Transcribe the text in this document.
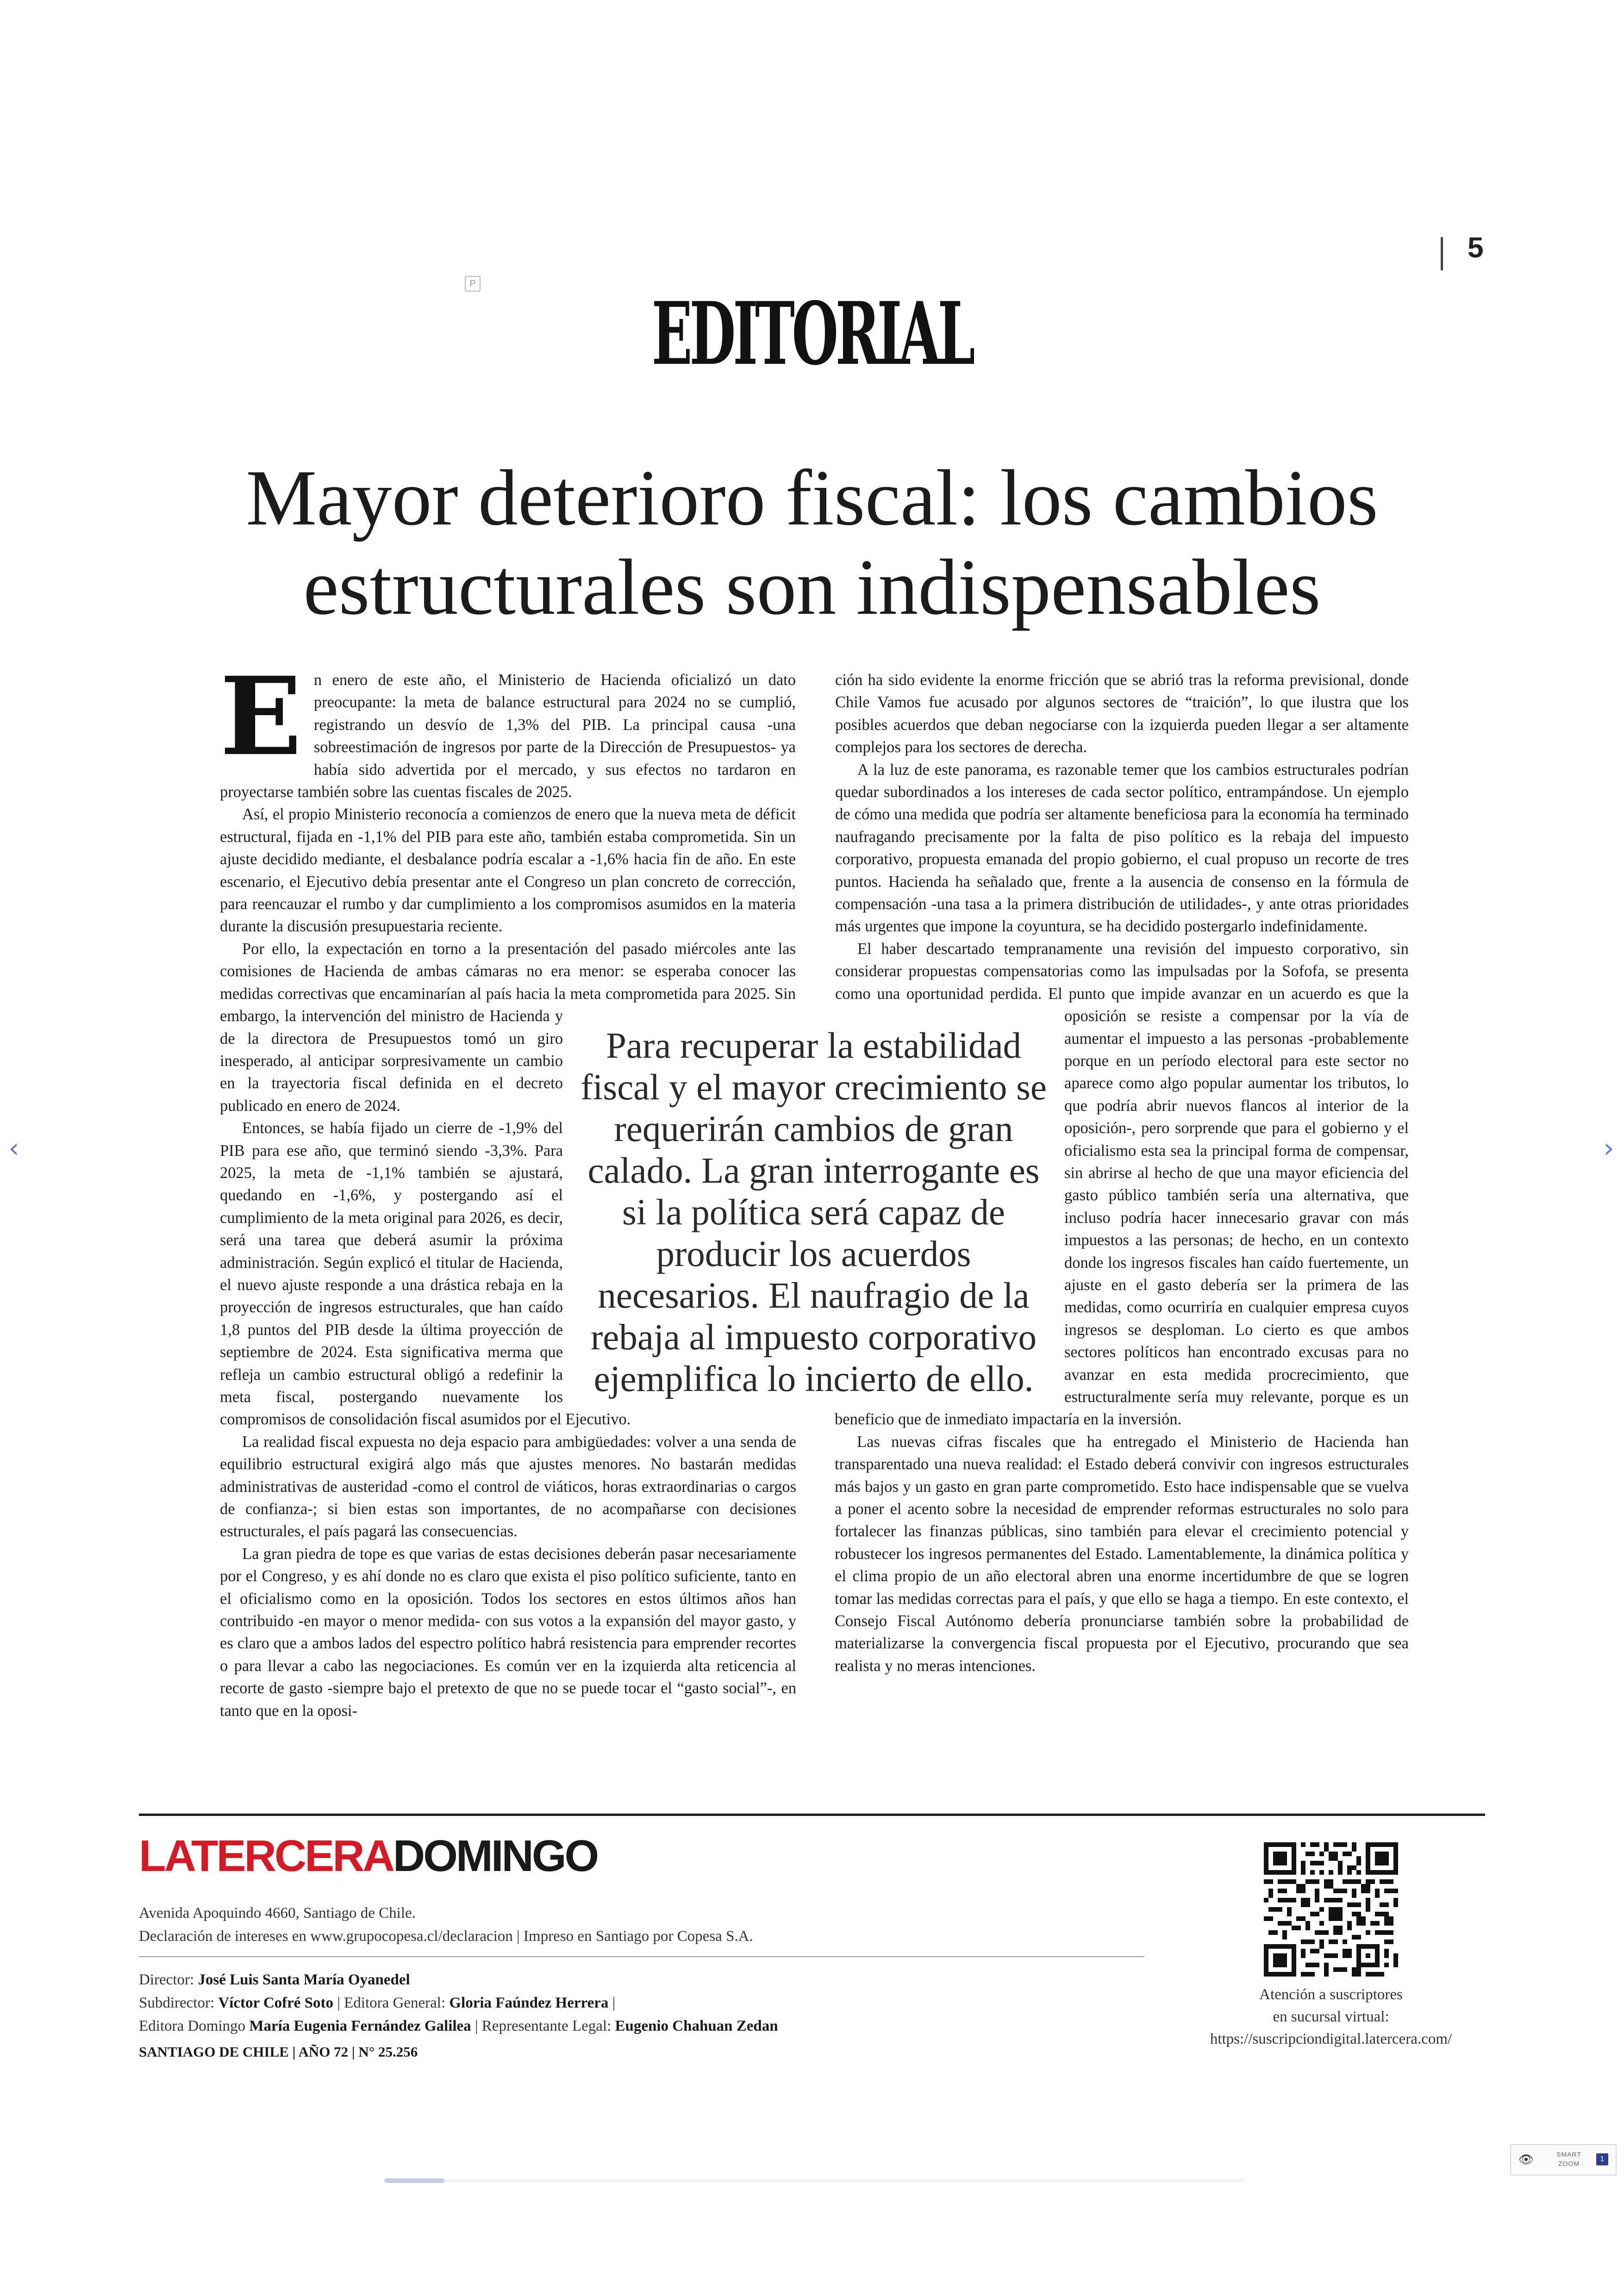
5
P	EDITORIAL
Mayor deterioro fiscal: los cambios estructurales son indispensables
E n enero de este año, el Ministerio de Hacienda oficializó un dato preocupante: la meta de balance estructural para 2024 no se cumplió, registrando un desvío de 1,3% del PIB. La principal causa -una sobreestimación de ingresos por parte de la Dirección de Presupuestos- ya había sido advertida por el mercado, y sus efectos no tardaron en proyectarse también sobre las cuentas fiscales de 2025.

Así, el propio Ministerio reconocía a comienzos de enero que la nueva meta de déficit estructural, fijada en -1,1% del PIB para este año, también estaba comprometida. Sin un ajuste decidido mediante, el desbalance podría escalar a -1,6% hacia fin de año. En este escenario, el Ejecutivo debía presentar ante el Congreso un plan concreto de corrección, para reencauzar el rumbo y dar cumplimiento a los compromisos asumidos en la materia durante la discusión presupuestaria reciente.

Por ello, la expectación en torno a la presentación del pasado miércoles ante las comisiones de Hacienda de ambas cámaras no era menor: se esperaba conocer las medidas correctivas que encaminarían al país hacia la meta comprometida para 2025. Sin embargo, la intervención del ministro de Hacienda y de la directora de Presupuestos tomó un giro inesperado, al anticipar sorpresivamente un cambio en la trayectoria fiscal definida en el decreto publicado en enero de 2024.

Entonces, se había fijado un cierre de -1,9% del PIB para ese año, que terminó siendo -3,3%. Para 2025, la meta de -1,1% también se ajustará, quedando en -1,6%, y postergando así el cumplimiento de la meta original para 2026, es decir, será una tarea que deberá asumir la próxima administración. Según explicó el titular de Hacienda, el nuevo ajuste responde a una drástica rebaja en la proyección de ingresos estructurales, que han caído 1,8 puntos del PIB desde la última proyección de septiembre de 2024. Esta significativa merma que refleja un cambio estructural obligó a redefinir la meta fiscal, postergando nuevamente los compromisos de consolidación fiscal asumidos por el Ejecutivo.

La realidad fiscal expuesta no deja espacio para ambigüedades: volver a una senda de equilibrio estructural exigirá algo más que ajustes menores. No bastarán medidas administrativas de austeridad -como el control de viáticos, horas extraordinarias o cargos de confianza-; si bien estas son importantes, de no acompañarse con decisiones estructurales, el país pagará las consecuencias.

La gran piedra de tope es que varias de estas decisiones deberán pasar necesariamente por el Congreso, y es ahí donde no es claro que exista el piso político suficiente, tanto en el oficialismo como en la oposición. Todos los sectores en estos últimos años han contribuido -en mayor o menor medida- con sus votos a la expansión del mayor gasto, y es claro que a ambos lados del espectro político habrá resistencia para emprender recortes o para llevar a cabo las negociaciones. Es común ver en la izquierda alta reticencia al recorte de gasto -siempre bajo el pretexto de que no se puede tocar el “gasto social”-, en tanto que en la oposi-

ción ha sido evidente la enorme fricción que se abrió tras la reforma previsional, donde Chile Vamos fue acusado por algunos sectores de “traición”, lo que ilustra que los posibles acuerdos que deban negociarse con la izquierda pueden llegar a ser altamente complejos para los sectores de derecha.

A la luz de este panorama, es razonable temer que los cambios estructurales podrían quedar subordinados a los intereses de cada sector político, entrampándose. Un ejemplo de cómo una medida que podría ser altamente beneficiosa para la economía ha terminado naufragando precisamente por la falta de piso político es la rebaja del impuesto corporativo, propuesta emanada del propio gobierno, el cual propuso un recorte de tres puntos. Hacienda ha señalado que, frente a la ausencia de consenso en la fórmula de compensación -una tasa a la primera distribución de utilidades-, y ante otras prioridades más urgentes que impone la coyuntura, se ha decidido postergarlo indefinidamente.

El haber descartado tempranamente una revisión del impuesto corporativo, sin considerar propuestas compensatorias como las impulsadas por la Sofofa, se presenta como una oportunidad perdida. El punto que impide avanzar en un acuerdo es que la oposición se resiste a compensar por la vía de aumentar el impuesto a las personas -probablemente porque en un período electoral para este sector no aparece como algo popular aumentar los tributos, lo que podría abrir nuevos flancos al interior de la oposición-, pero sorprende que para el gobierno y el oficialismo esta sea la principal forma de compensar, sin abrirse al hecho de que una mayor eficiencia del gasto público también sería una alternativa, que incluso podría hacer innecesario gravar con más impuestos a las personas; de hecho, en un contexto donde los ingresos fiscales han caído fuertemente, un ajuste en el gasto debería ser la primera de las medidas, como ocurriría en cualquier empresa cuyos ingresos se desploman. Lo cierto es que ambos sectores políticos han encontrado excusas para no avanzar en esta medida procrecimiento, que estructuralmente sería muy relevante, porque es un beneficio que de inmediato impactaría en la inversión.

Las nuevas cifras fiscales que ha entregado el Ministerio de Hacienda han transparentado una nueva realidad: el Estado deberá convivir con ingresos estructurales más bajos y un gasto en gran parte comprometido. Esto hace indispensable que se vuelva a poner el acento sobre la necesidad de emprender reformas estructurales no solo para fortalecer las finanzas públicas, sino también para elevar el crecimiento potencial y robustecer los ingresos permanentes del Estado. Lamentablemente, la dinámica política y el clima propio de un año electoral abren una enorme incertidumbre de que se logren tomar las medidas correctas para el país, y que ello se haga a tiempo. En este contexto, el Consejo Fiscal Autónomo debería pronunciarse también sobre la probabilidad de materializarse la convergencia fiscal propuesta por el Ejecutivo, procurando que sea realista y no meras intenciones.

Para recuperar la estabilidad fiscal y el mayor crecimiento se requerirán cambios de gran calado. La gran interrogante es si la política será capaz de producir los acuerdos necesarios. El naufragio de la rebaja al impuesto corporativo ejemplifica lo incierto de ello.
LATERCERADOMINGO
Avenida Apoquindo 4660, Santiago de Chile.
Declaración de intereses en www.grupocopesa.cl/declaracion | Impreso en Santiago por Copesa S.A.
Director: José Luis Santa María Oyanedel
Subdirector: Víctor Cofré Soto | Editora General: Gloria Faúndez Herrera |
Editora Domingo María Eugenia Fernández Galilea | Representante Legal: Eugenio Chahuan Zedan
SANTIAGO DE CHILE | AÑO 72 | N° 25.256
Atención a suscriptores
en sucursal virtual:
https://suscripciondigital.latercera.com/
‹	›
👁	SMART
ZOOM
1
